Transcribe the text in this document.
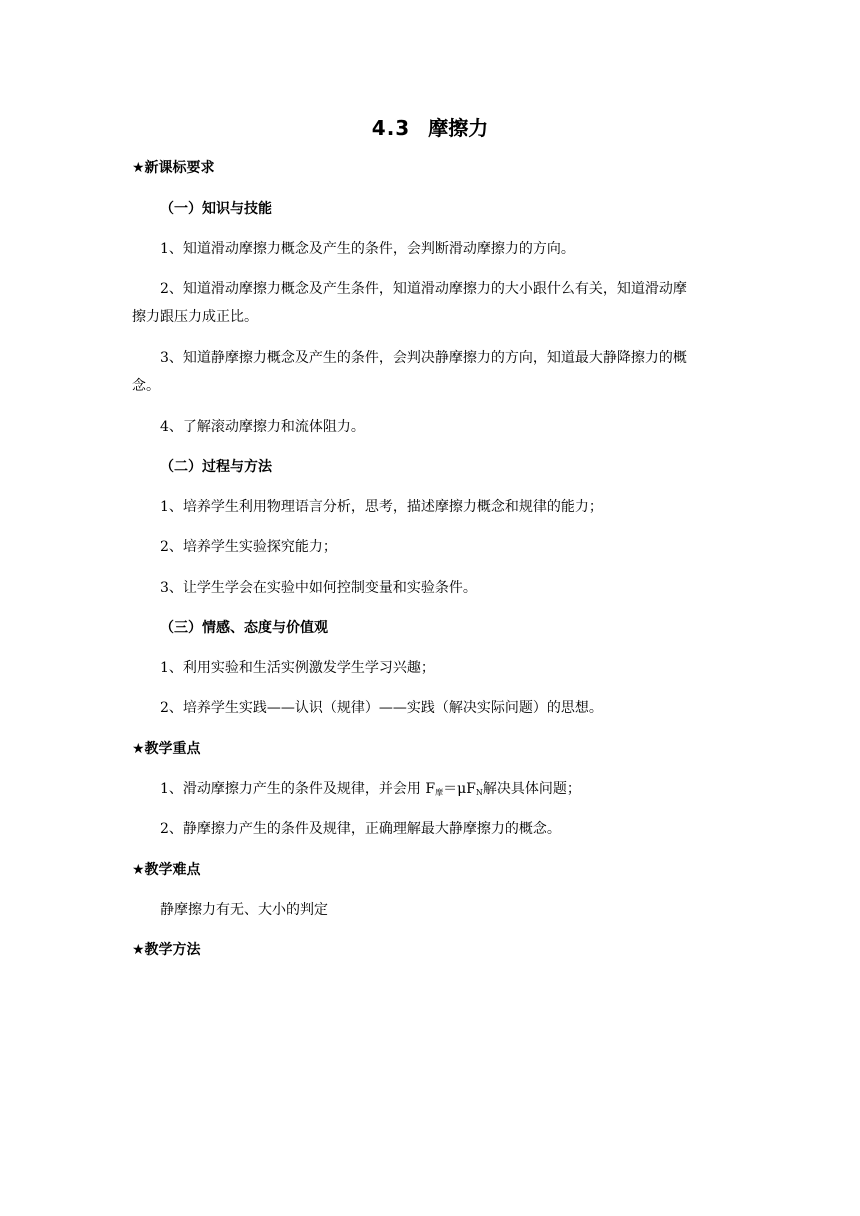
4.3 摩擦力
★新课标要求
（一）知识与技能
1、知道滑动摩擦力概念及产生的条件，会判断滑动摩擦力的方向。
2、知道滑动摩擦力概念及产生条件，知道滑动摩擦力的大小跟什么有关，知道滑动摩
擦力跟压力成正比。
3、知道静摩擦力概念及产生的条件，会判决静摩擦力的方向，知道最大静降擦力的概
念。
4、了解滚动摩擦力和流体阻力。
（二）过程与方法
1、培养学生利用物理语言分析，思考，描述摩擦力概念和规律的能力；
2、培养学生实验探究能力；
3、让学生学会在实验中如何控制变量和实验条件。
（三）情感、态度与价值观
1、利用实验和生活实例激发学生学习兴趣；
2、培养学生实践——认识（规律）——实践（解决实际问题）的思想。
★教学重点
1、滑动摩擦力产生的条件及规律，并会用 $F_摩=\mu F_N$解决具体问题；
2、静摩擦力产生的条件及规律，正确理解最大静摩擦力的概念。
★教学难点
静摩擦力有无、大小的判定
★教学方法
